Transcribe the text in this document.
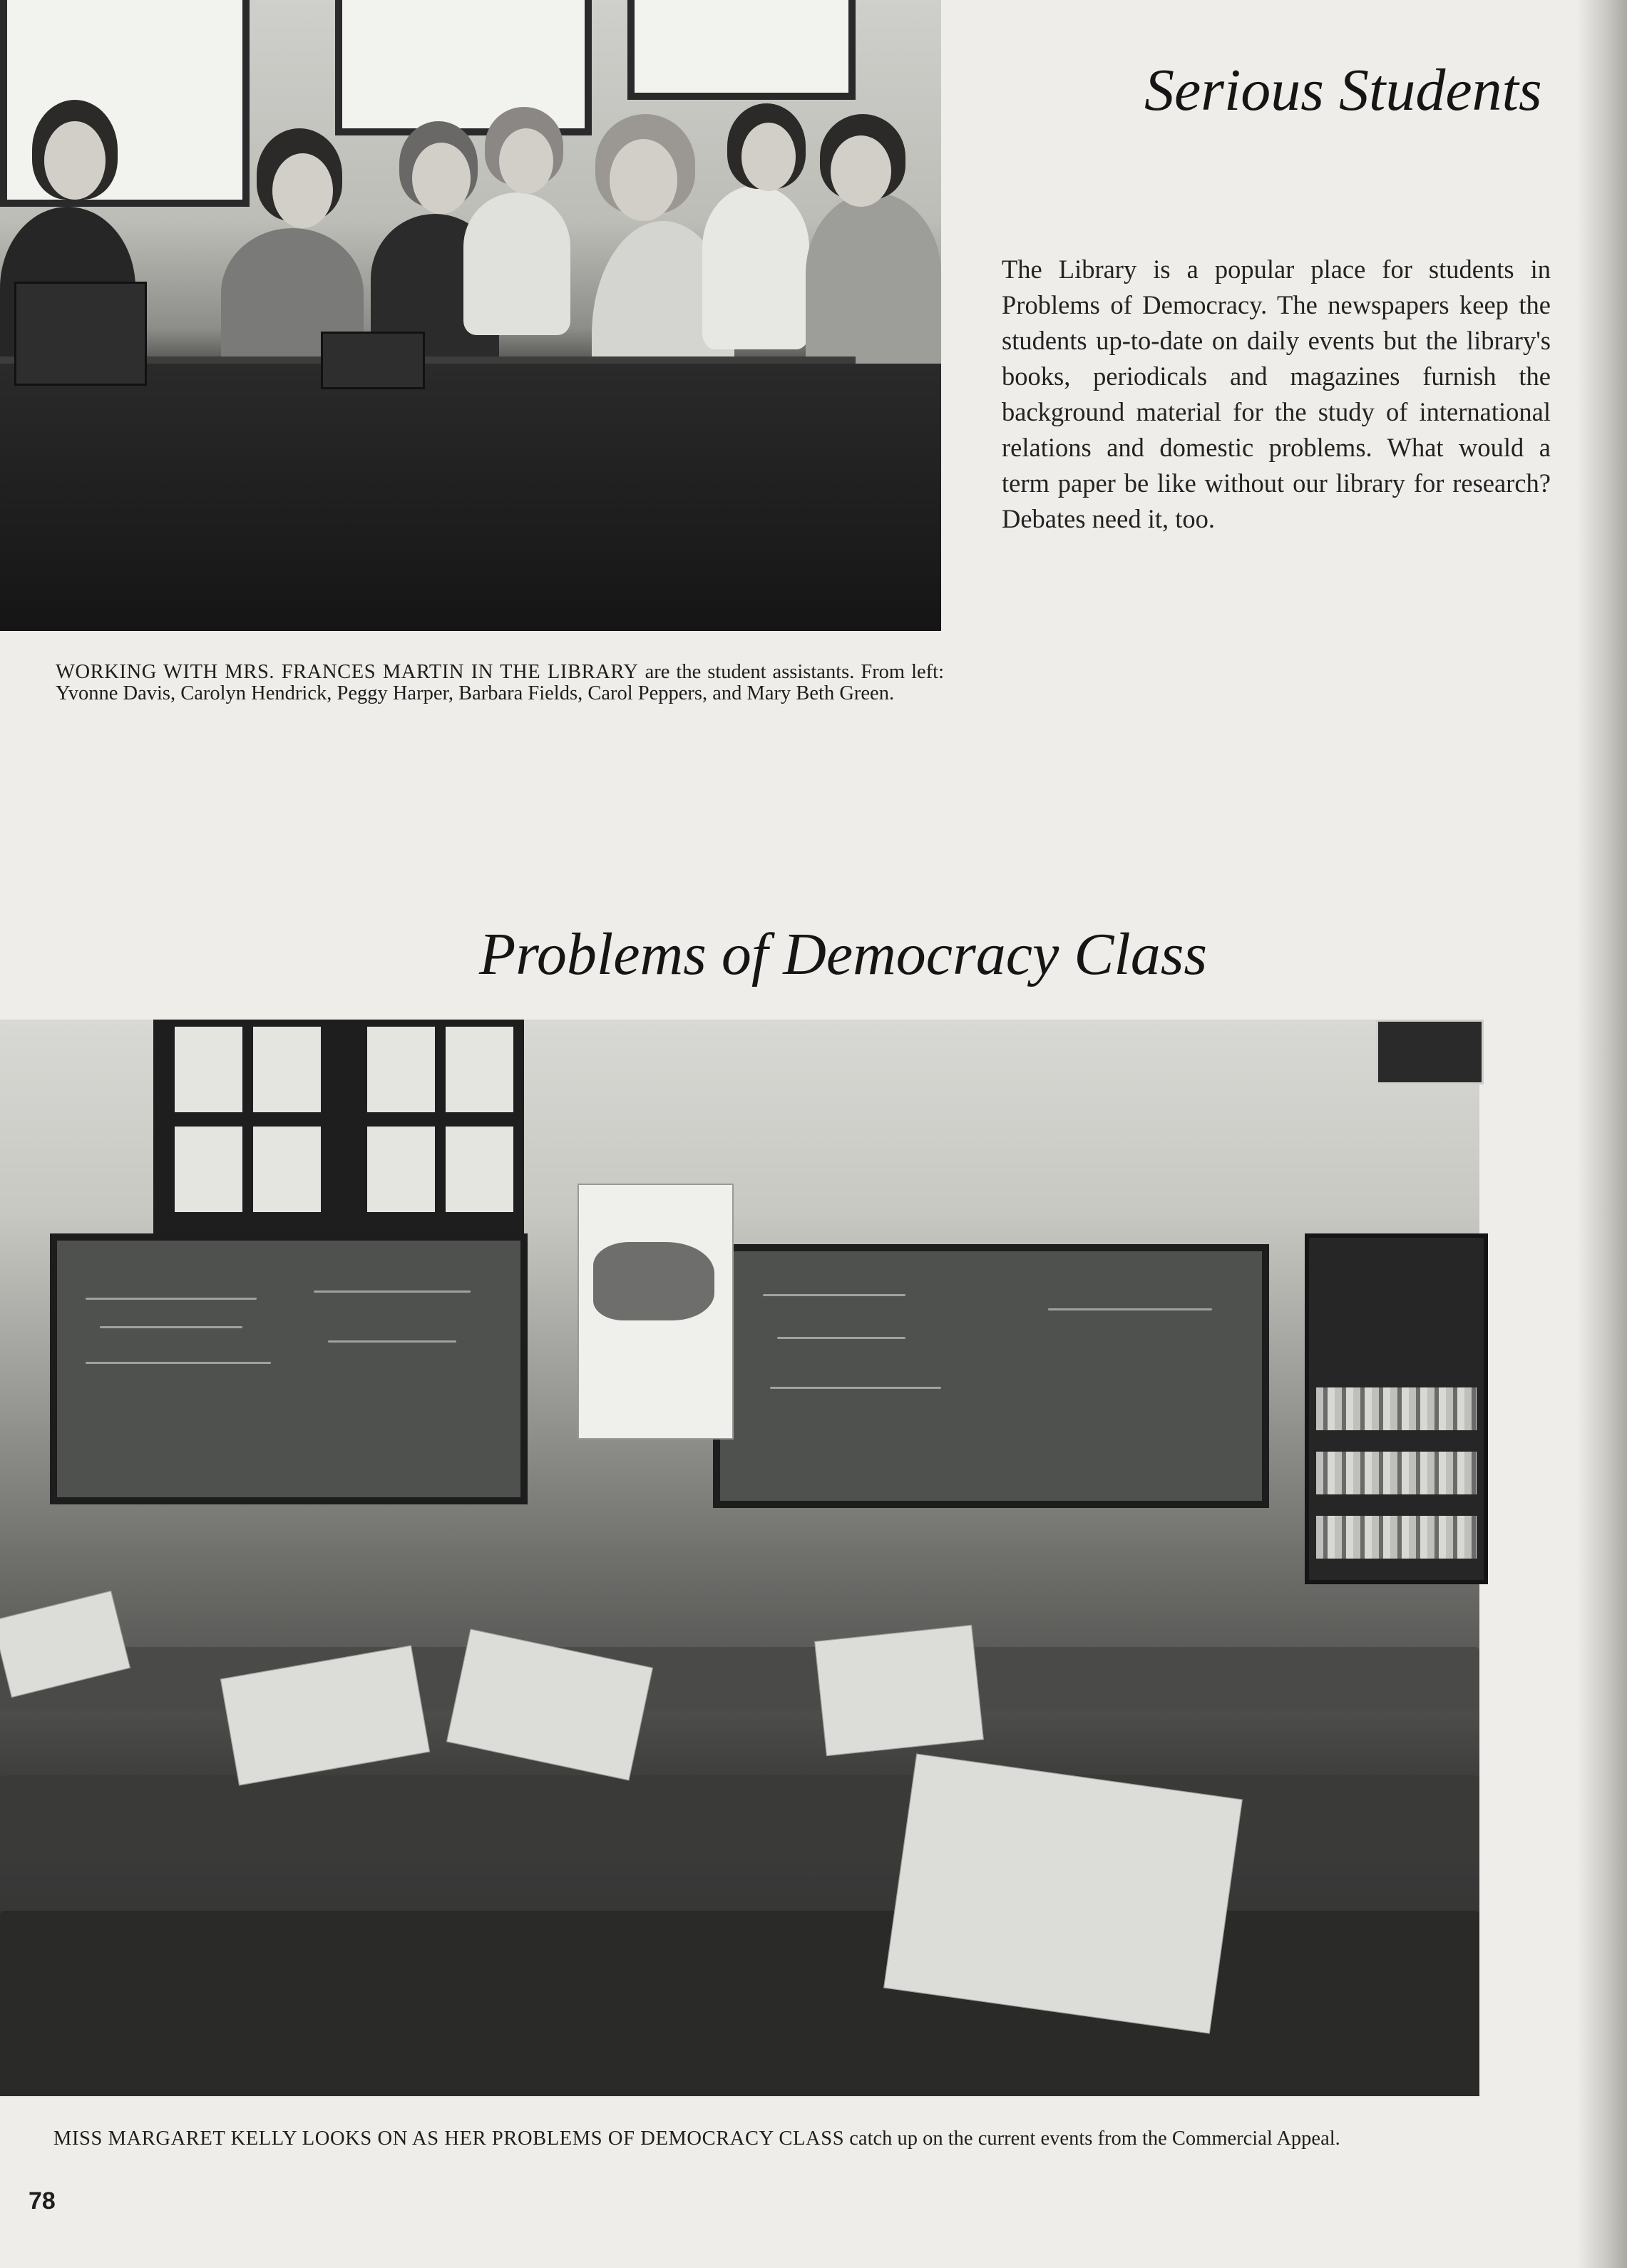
Serious Students

The Library is a popular place for students in Problems of Democracy. The newspapers keep the students up-to-date on daily events but the library's books, periodicals and magazines furnish the background material for the study of international relations and domestic problems. What would a term paper be like without our library for research? Debates need it, too.

WORKING WITH MRS. FRANCES MARTIN IN THE LIBRARY are the student assistants. From left: Yvonne Davis, Carolyn Hendrick, Peggy Harper, Barbara Fields, Carol Peppers, and Mary Beth Green.
Problems of Democracy Class
MISS MARGARET KELLY LOOKS ON AS HER PROBLEMS OF DEMOCRACY CLASS catch up on the current events from the Commercial Appeal.
78
